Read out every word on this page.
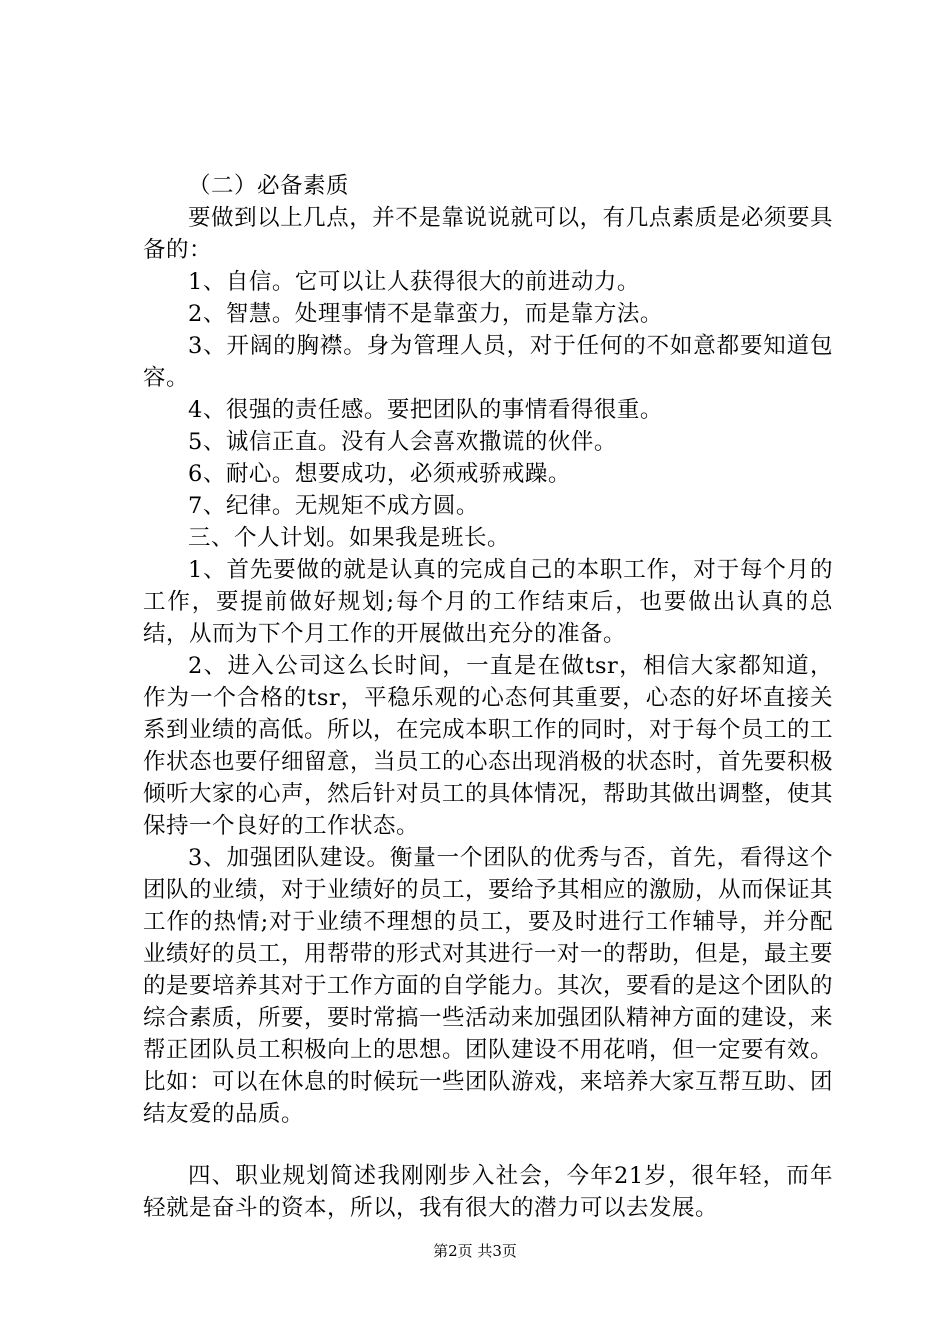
（二）必备素质

要做到以上几点，并不是靠说说就可以，有几点素质是必须要具备的：

1、自信。它可以让人获得很大的前进动力。

2、智慧。处理事情不是靠蛮力，而是靠方法。

3、开阔的胸襟。身为管理人员，对于任何的不如意都要知道包容。

4、很强的责任感。要把团队的事情看得很重。

5、诚信正直。没有人会喜欢撒谎的伙伴。

6、耐心。想要成功，必须戒骄戒躁。

7、纪律。无规矩不成方圆。

三、个人计划。如果我是班长。

1、首先要做的就是认真的完成自己的本职工作，对于每个月的工作，要提前做好规划;每个月的工作结束后，也要做出认真的总结，从而为下个月工作的开展做出充分的准备。

2、进入公司这么长时间，一直是在做tsr，相信大家都知道，作为一个合格的tsr，平稳乐观的心态何其重要，心态的好坏直接关系到业绩的高低。所以，在完成本职工作的同时，对于每个员工的工作状态也要仔细留意，当员工的心态出现消极的状态时，首先要积极倾听大家的心声，然后针对员工的具体情况，帮助其做出调整，使其保持一个良好的工作状态。

3、加强团队建设。衡量一个团队的优秀与否，首先，看得这个团队的业绩，对于业绩好的员工，要给予其相应的激励，从而保证其工作的热情;对于业绩不理想的员工，要及时进行工作辅导，并分配业绩好的员工，用帮带的形式对其进行一对一的帮助，但是，最主要的是要培养其对于工作方面的自学能力。其次，要看的是这个团队的综合素质，所要，要时常搞一些活动来加强团队精神方面的建设，来帮正团队员工积极向上的思想。团队建设不用花哨，但一定要有效。比如：可以在休息的时候玩一些团队游戏，来培养大家互帮互助、团结友爱的品质。

四、职业规划简述我刚刚步入社会，今年21岁，很年轻，而年轻就是奋斗的资本，所以，我有很大的潜力可以去发展。

第2页 共3页
